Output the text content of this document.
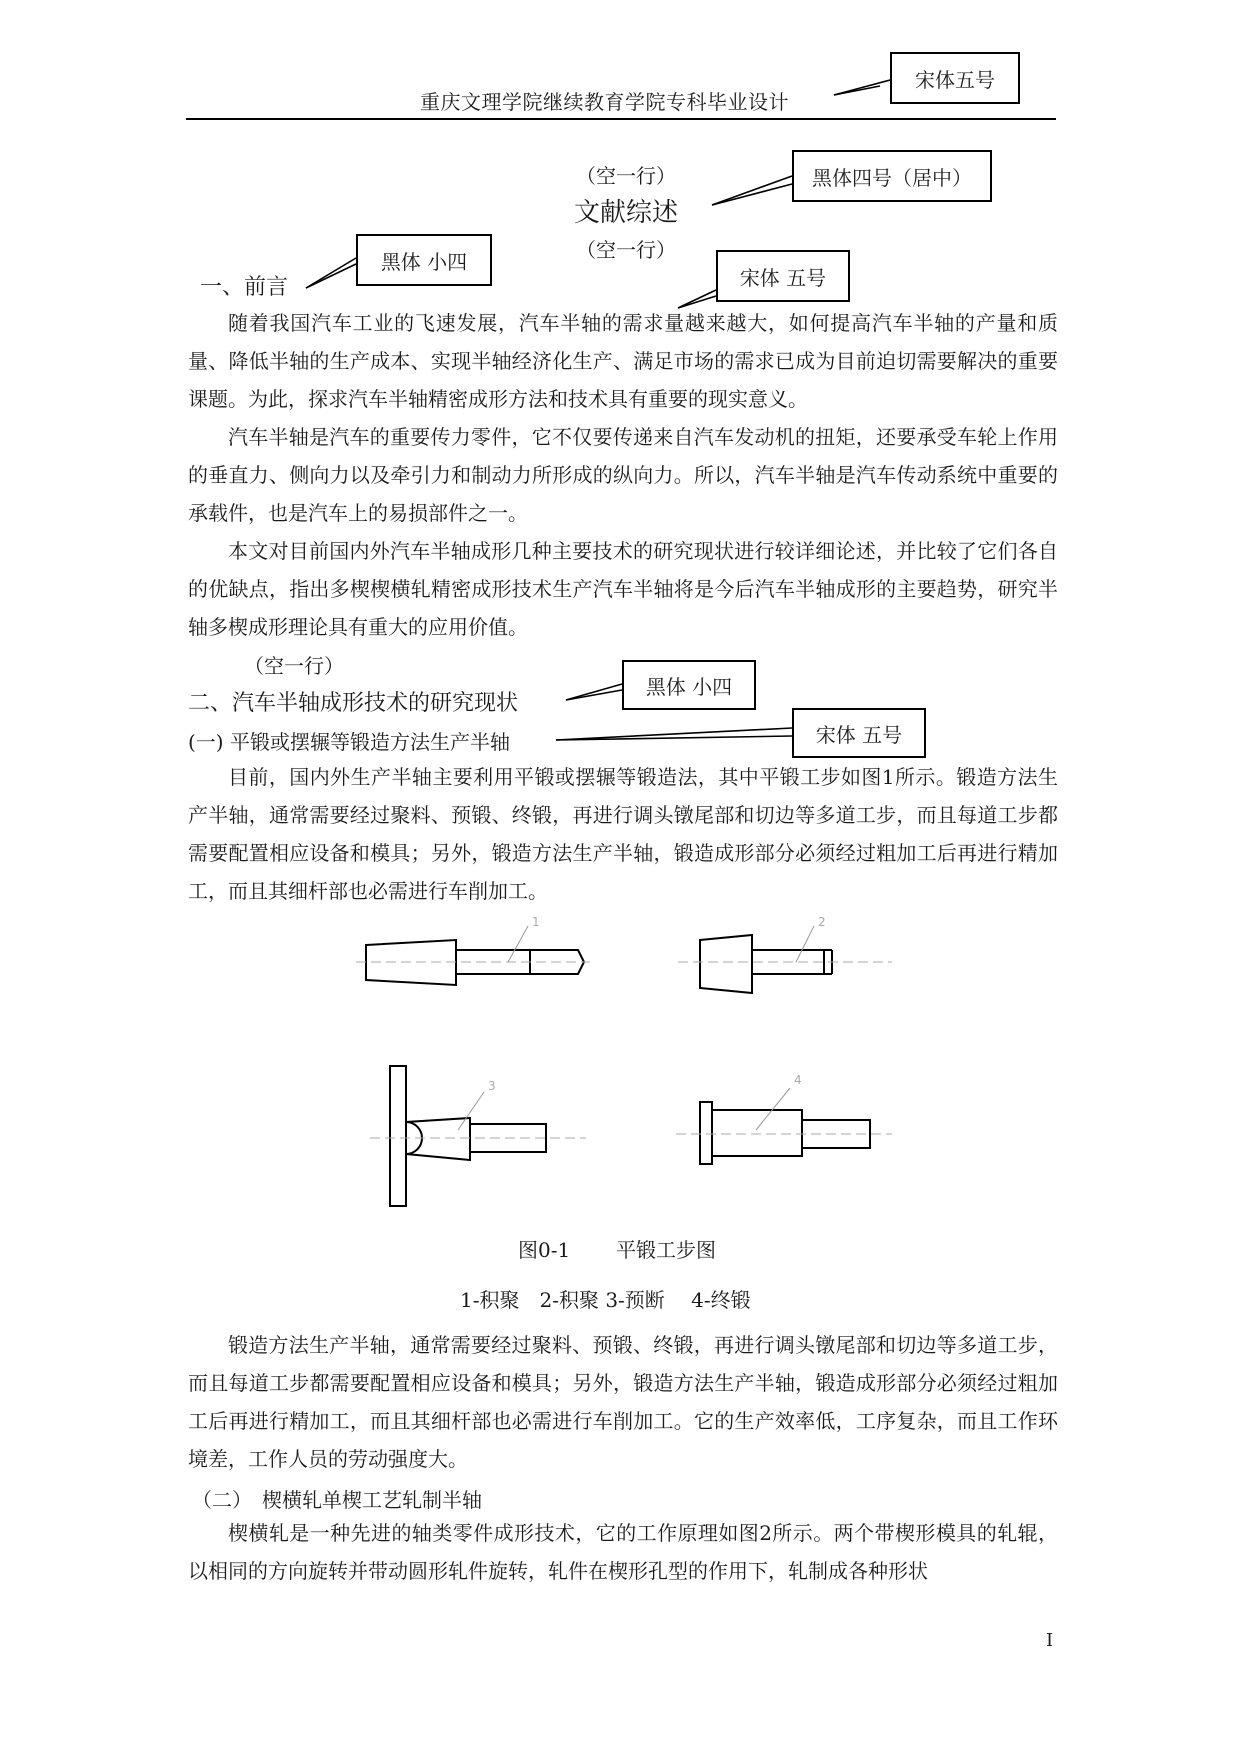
重庆文理学院继续教育学院专科毕业设计
宋体五号
黑体四号（居中）
黑体 小四
宋体 五号
黑体 小四
宋体 五号
（空一行）
文献综述
（空一行）
一、前言

随着我国汽车工业的飞速发展，汽车半轴的需求量越来越大，如何提高汽车半轴的产量和质量、降低半轴的生产成本、实现半轴经济化生产、满足市场的需求已成为目前迫切需要解决的重要课题。为此，探求汽车半轴精密成形方法和技术具有重要的现实意义。

汽车半轴是汽车的重要传力零件，它不仅要传递来自汽车发动机的扭矩，还要承受车轮上作用的垂直力、侧向力以及牵引力和制动力所形成的纵向力。所以，汽车半轴是汽车传动系统中重要的承载件，也是汽车上的易损部件之一。

本文对目前国内外汽车半轴成形几种主要技术的研究现状进行较详细论述，并比较了它们各自的优缺点，指出多楔楔横轧精密成形技术生产汽车半轴将是今后汽车半轴成形的主要趋势，研究半轴多楔成形理论具有重大的应用价值。

（空一行）
二、汽车半轴成形技术的研究现状
(一) 平锻或摆辗等锻造方法生产半轴

目前，国内外生产半轴主要利用平锻或摆辗等锻造法，其中平锻工步如图1所示。锻造方法生产半轴，通常需要经过聚料、预锻、终锻，再进行调头镦尾部和切边等多道工步，而且每道工步都需要配置相应设备和模具；另外，锻造方法生产半轴，锻造成形部分必须经过粗加工后再进行精加工，而且其细杆部也必需进行车削加工。

1	2
3	4
图0-1 平锻工步图
1-积聚　2-积聚 3-预断　 4-终锻

锻造方法生产半轴，通常需要经过聚料、预锻、终锻，再进行调头镦尾部和切边等多道工步，而且每道工步都需要配置相应设备和模具；另外，锻造方法生产半轴，锻造成形部分必须经过粗加工后再进行精加工，而且其细杆部也必需进行车削加工。它的生产效率低，工序复杂，而且工作环境差，工作人员的劳动强度大。

（二）　楔横轧单楔工艺轧制半轴

楔横轧是一种先进的轴类零件成形技术，它的工作原理如图2所示。两个带楔形模具的轧辊，以相同的方向旋转并带动圆形轧件旋转，轧件在楔形孔型的作用下，轧制成各种形状

I
